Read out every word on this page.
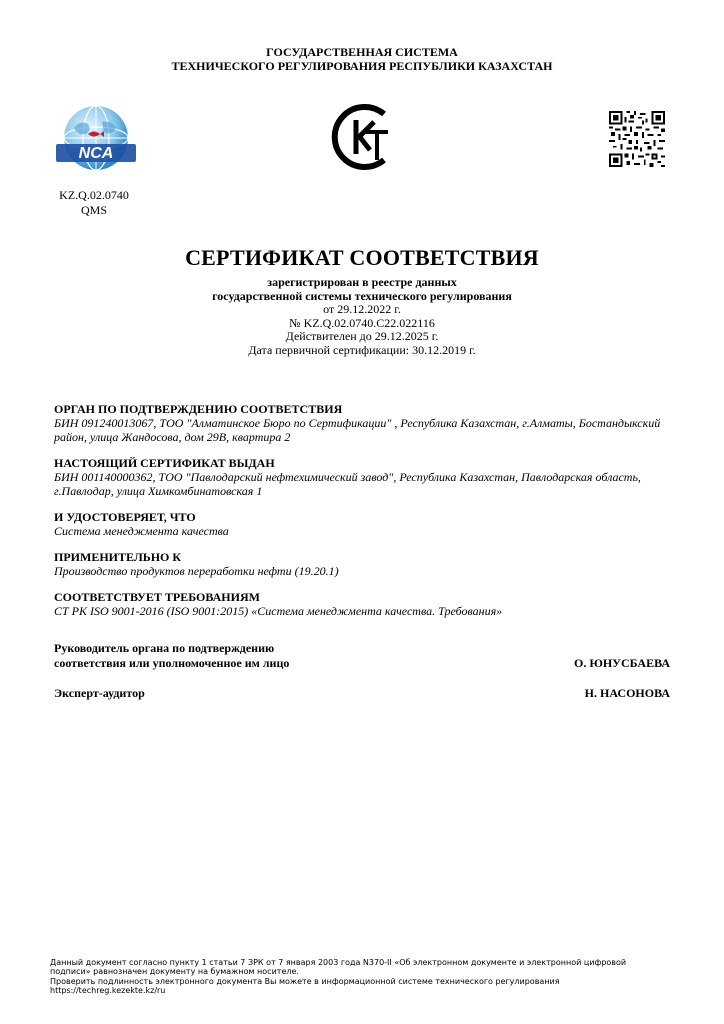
ГОСУДАРСТВЕННАЯ СИСТЕМА
ТЕХНИЧЕСКОГО РЕГУЛИРОВАНИЯ РЕСПУБЛИКИ КАЗАХСТАН
NCA
KZ.Q.02.0740
QMS
KZ
СЕРТИФИКАТ СООТВЕТСТВИЯ
зарегистрирован в реестре данных
государственной системы технического регулирования
от 29.12.2022 г.
№ KZ.Q.02.0740.C22.022116
Действителен до 29.12.2025 г.
Дата первичной сертификации: 30.12.2019 г.
ОРГАН ПО ПОДТВЕРЖДЕНИЮ СООТВЕТСТВИЯ
БИН 091240013067, ТОО "Алматинское Бюро по Сертификации" , Республика Казахстан, г.Алматы, Бостандыкский район, улица Жандосова, дом 29В, квартира 2
НАСТОЯЩИЙ СЕРТИФИКАТ ВЫДАН
БИН 001140000362, ТОО "Павлодарский нефтехимический завод", Республика Казахстан, Павлодарская область, г.Павлодар, улица Химкомбинатовская 1
И УДОСТОВЕРЯЕТ, ЧТО
Система менеджмента качества
ПРИМЕНИТЕЛЬНО К
Производство продуктов переработки нефти (19.20.1)
СООТВЕТСТВУЕТ ТРЕБОВАНИЯМ
СТ РК ISO 9001-2016 (ISO 9001:2015) «Система менеджмента качества. Требования»
Руководитель органа по подтверждению
соответствия или уполномоченное им лицо	О. ЮНУСБАЕВА
Эксперт-аудитор	Н. НАСОНОВА
Данный документ согласно пункту 1 статьи 7 ЗРК от 7 января 2003 года N370-II «Об электронном документе и электронной цифровой
подписи» равнозначен документу на бумажном носителе.
Проверить подлинность электронного документа Вы можете в информационной системе технического регулирования
https://techreg.kezekte.kz/ru
